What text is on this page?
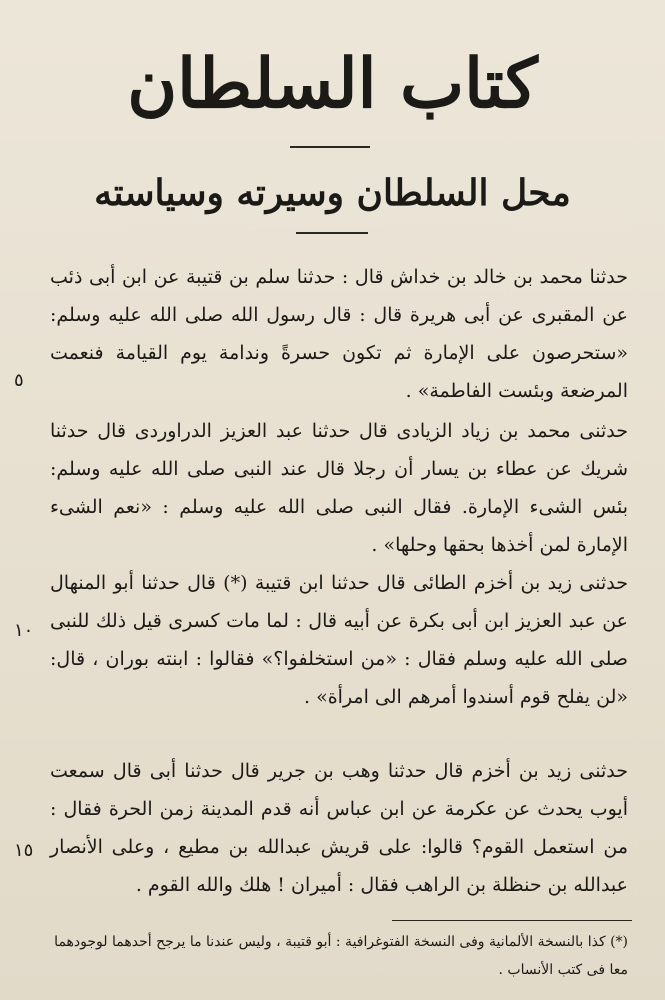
كتاب السلطان
محل السلطان وسيرته وسياسته
حدثنا محمد بن خالد بن خداش قال : حدثنا سلم بن قتيبة عن ابن أبى ذئب عن المقبرى عن أبى هريرة قال : قال رسول الله صلى الله عليه وسلم: «ستحرصون على الإمارة ثم تكون حسرةً وندامة يوم القيامة فنعمت المرضعة وبئست الفاطمة» .
حدثنى محمد بن زياد الزيادى قال حدثنا عبد العزيز الدراوردى قال حدثنا شريك عن عطاء بن يسار أن رجلا قال عند النبى صلى الله عليه وسلم: بئس الشىء الإمارة. فقال النبى صلى الله عليه وسلم : «نعم الشىء الإمارة لمن أخذها بحقها وحلها» .
حدثنى زيد بن أخزم الطائى قال حدثنا ابن قتيبة (*) قال حدثنا أبو المنهال عن عبد العزيز ابن أبى بكرة عن أبيه قال : لما مات كسرى قيل ذلك للنبى صلى الله عليه وسلم فقال : «من استخلفوا؟» فقالوا : ابنته بوران ، قال: «لن يفلح قوم أسندوا أمرهم الى امرأة» .
حدثنى زيد بن أخزم قال حدثنا وهب بن جرير قال حدثنا أبى قال سمعت أيوب يحدث عن عكرمة عن ابن عباس أنه قدم المدينة زمن الحرة فقال : من استعمل القوم؟ قالوا: على قريش عبدالله بن مطيع ، وعلى الأنصار عبدالله بن حنظلة بن الراهب فقال : أميران ! هلك والله القوم .
٥
١٠
١٥
(*) كذا بالنسخة الألمانية وفى النسخة الفتوغرافية : أبو قتيبة ، وليس عندنا ما يرجح أحدهما لوجودهما معا فى كتب الأنساب .
